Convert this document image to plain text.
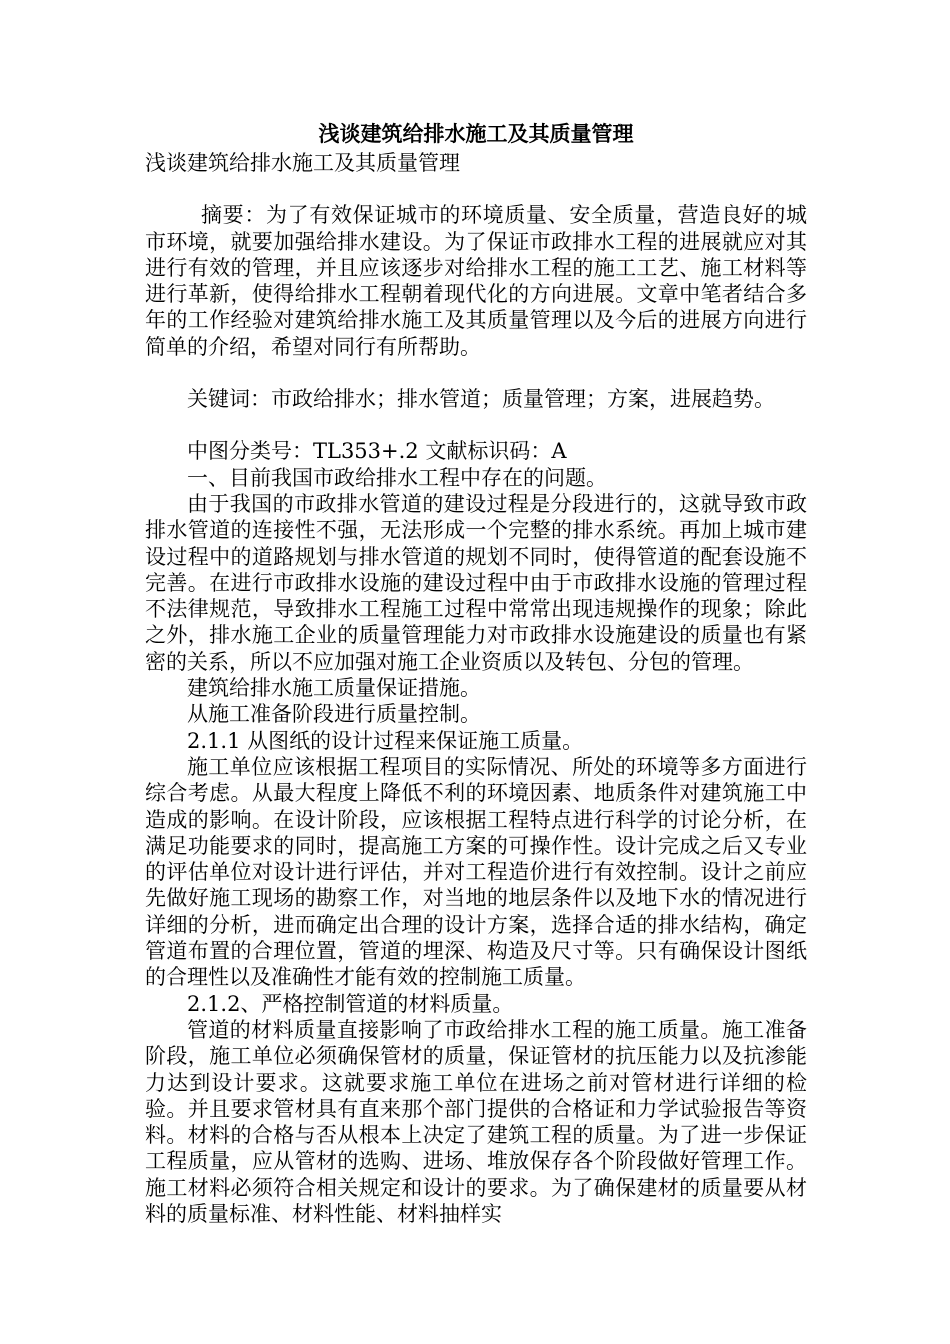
浅谈建筑给排水施工及其质量管理

浅谈建筑给排水施工及其质量管理

摘要：为了有效保证城市的环境质量、安全质量，营造良好的城市环境，就要加强给排水建设。为了保证市政排水工程的进展就应对其进行有效的管理，并且应该逐步对给排水工程的施工工艺、施工材料等进行革新，使得给排水工程朝着现代化的方向进展。文章中笔者结合多年的工作经验对建筑给排水施工及其质量管理以及今后的进展方向进行简单的介绍，希望对同行有所帮助。

关键词：市政给排水；排水管道；质量管理；方案，进展趋势。

中图分类号：TL353+.2 文献标识码：A

一、目前我国市政给排水工程中存在的问题。

由于我国的市政排水管道的建设过程是分段进行的，这就导致市政排水管道的连接性不强，无法形成一个完整的排水系统。再加上城市建设过程中的道路规划与排水管道的规划不同时，使得管道的配套设施不完善。在进行市政排水设施的建设过程中由于市政排水设施的管理过程不法律规范，导致排水工程施工过程中常常出现违规操作的现象；除此之外，排水施工企业的质量管理能力对市政排水设施建设的质量也有紧密的关系，所以不应加强对施工企业资质以及转包、分包的管理。

建筑给排水施工质量保证措施。

从施工准备阶段进行质量控制。

2.1.1 从图纸的设计过程来保证施工质量。

施工单位应该根据工程项目的实际情况、所处的环境等多方面进行综合考虑。从最大程度上降低不利的环境因素、地质条件对建筑施工中造成的影响。在设计阶段，应该根据工程特点进行科学的讨论分析，在满足功能要求的同时，提高施工方案的可操作性。设计完成之后又专业的评估单位对设计进行评估，并对工程造价进行有效控制。设计之前应先做好施工现场的勘察工作，对当地的地层条件以及地下水的情况进行详细的分析，进而确定出合理的设计方案，选择合适的排水结构，确定管道布置的合理位置，管道的埋深、构造及尺寸等。只有确保设计图纸的合理性以及准确性才能有效的控制施工质量。

2.1.2、严格控制管道的材料质量。

管道的材料质量直接影响了市政给排水工程的施工质量。施工准备阶段，施工单位必须确保管材的质量，保证管材的抗压能力以及抗渗能力达到设计要求。这就要求施工单位在进场之前对管材进行详细的检验。并且要求管材具有直来那个部门提供的合格证和力学试验报告等资料。材料的合格与否从根本上决定了建筑工程的质量。为了进一步保证工程质量，应从管材的选购、进场、堆放保存各个阶段做好管理工作。施工材料必须符合相关规定和设计的要求。为了确保建材的质量要从材料的质量标准、材料性能、材料抽样实
